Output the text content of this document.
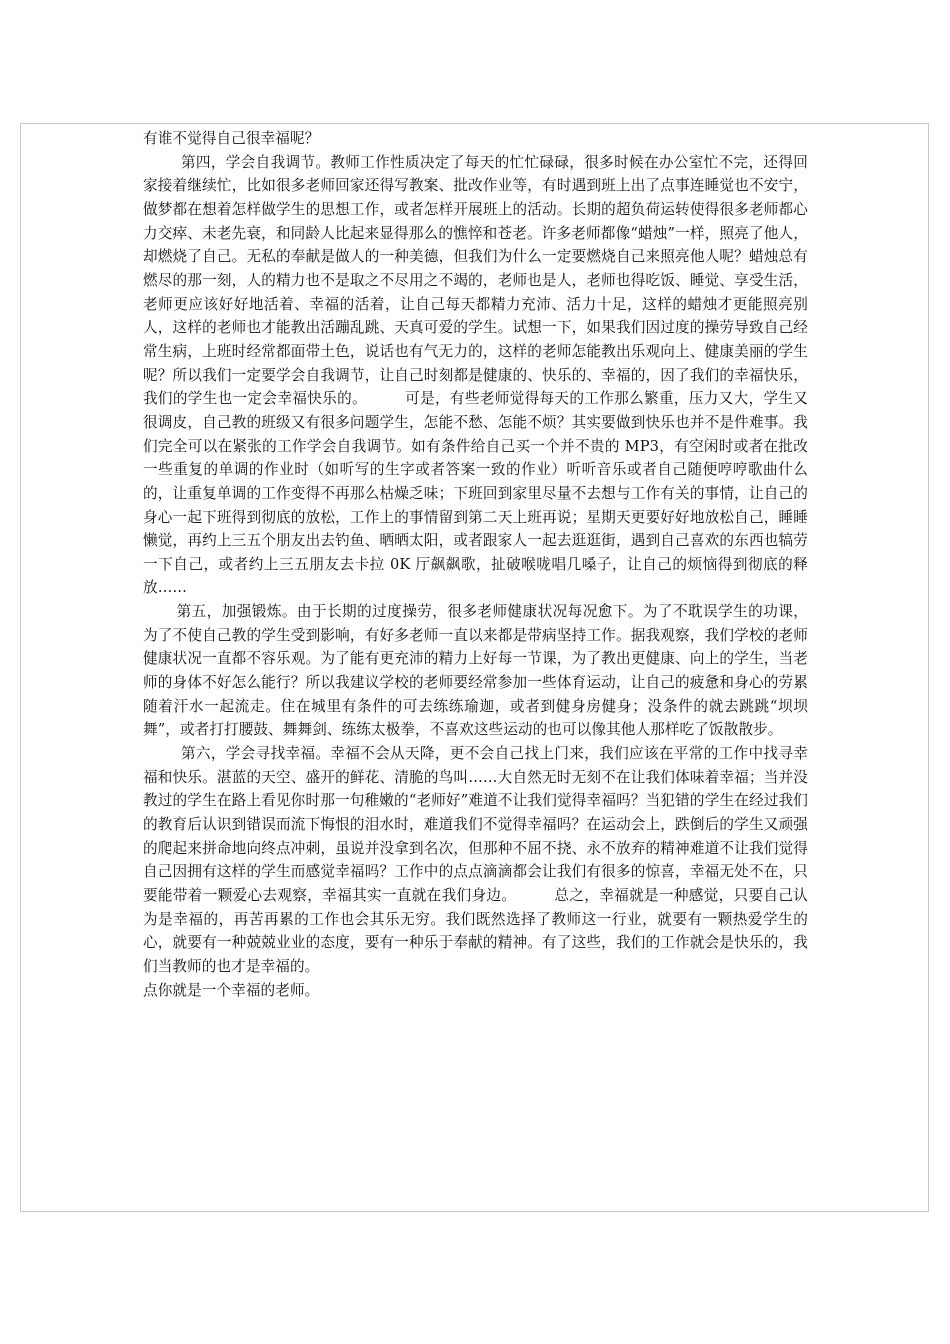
有谁不觉得自己很幸福呢？

第四，学会自我调节。教师工作性质决定了每天的忙忙碌碌，很多时候在办公室忙不完，还得回家接着继续忙，比如很多老师回家还得写教案、批改作业等，有时遇到班上出了点事连睡觉也不安宁，做梦都在想着怎样做学生的思想工作，或者怎样开展班上的活动。长期的超负荷运转使得很多老师都心力交瘁、未老先衰，和同龄人比起来显得那么的憔悴和苍老。许多老师都像“蜡烛”一样，照亮了他人，却燃烧了自己。无私的奉献是做人的一种美德，但我们为什么一定要燃烧自己来照亮他人呢？蜡烛总有燃尽的那一刻，人的精力也不是取之不尽用之不竭的，老师也是人，老师也得吃饭、睡觉、享受生活，老师更应该好好地活着、幸福的活着，让自己每天都精力充沛、活力十足，这样的蜡烛才更能照亮别人，这样的老师也才能教出活蹦乱跳、天真可爱的学生。试想一下，如果我们因过度的操劳导致自己经常生病，上班时经常都面带土色，说话也有气无力的，这样的老师怎能教出乐观向上、健康美丽的学生呢？所以我们一定要学会自我调节，让自己时刻都是健康的、快乐的、幸福的，因了我们的幸福快乐，我们的学生也一定会幸福快乐的。	可是，有些老师觉得每天的工作那么繁重，压力又大，学生又很调皮，自己教的班级又有很多问题学生，怎能不愁、怎能不烦？其实要做到快乐也并不是件难事。我们完全可以在紧张的工作学会自我调节。如有条件给自己买一个并不贵的 MP3，有空闲时或者在批改一些重复的单调的作业时（如听写的生字或者答案一致的作业）听听音乐或者自己随便哼哼歌曲什么的，让重复单调的工作变得不再那么枯燥乏味；下班回到家里尽量不去想与工作有关的事情，让自己的身心一起下班得到彻底的放松，工作上的事情留到第二天上班再说；星期天更要好好地放松自己，睡睡懒觉，再约上三五个朋友出去钓鱼、晒晒太阳，或者跟家人一起去逛逛街，遇到自己喜欢的东西也犒劳一下自己，或者约上三五朋友去卡拉 0K 厅飙飙歌，扯破喉咙唱几嗓子，让自己的烦恼得到彻底的释放……

第五，加强锻炼。由于长期的过度操劳，很多老师健康状况每况愈下。为了不耽误学生的功课，为了不使自己教的学生受到影响，有好多老师一直以来都是带病坚持工作。据我观察，我们学校的老师健康状况一直都不容乐观。为了能有更充沛的精力上好每一节课，为了教出更健康、向上的学生，当老师的身体不好怎么能行？所以我建议学校的老师要经常参加一些体育运动，让自己的疲惫和身心的劳累随着汗水一起流走。住在城里有条件的可去练练瑜迦，或者到健身房健身；没条件的就去跳跳“坝坝舞”，或者打打腰鼓、舞舞剑、练练太极拳，不喜欢这些运动的也可以像其他人那样吃了饭散散步。

第六，学会寻找幸福。幸福不会从天降，更不会自己找上门来，我们应该在平常的工作中找寻幸福和快乐。湛蓝的天空、盛开的鲜花、清脆的鸟叫……大自然无时无刻不在让我们体味着幸福；当并没教过的学生在路上看见你时那一句稚嫩的“老师好”难道不让我们觉得幸福吗？当犯错的学生在经过我们的教育后认识到错误而流下悔恨的泪水时，难道我们不觉得幸福吗？在运动会上，跌倒后的学生又顽强的爬起来拼命地向终点冲刺，虽说并没拿到名次，但那种不屈不挠、永不放弃的精神难道不让我们觉得自己因拥有这样的学生而感觉幸福吗？工作中的点点滴滴都会让我们有很多的惊喜，幸福无处不在，只要能带着一颗爱心去观察，幸福其实一直就在我们身边。	总之，幸福就是一种感觉，只要自己认为是幸福的，再苦再累的工作也会其乐无穷。我们既然选择了教师这一行业，就要有一颗热爱学生的心，就要有一种兢兢业业的态度，要有一种乐于奉献的精神。有了这些，我们的工作就会是快乐的，我们当教师的也才是幸福的。

点你就是一个幸福的老师。
